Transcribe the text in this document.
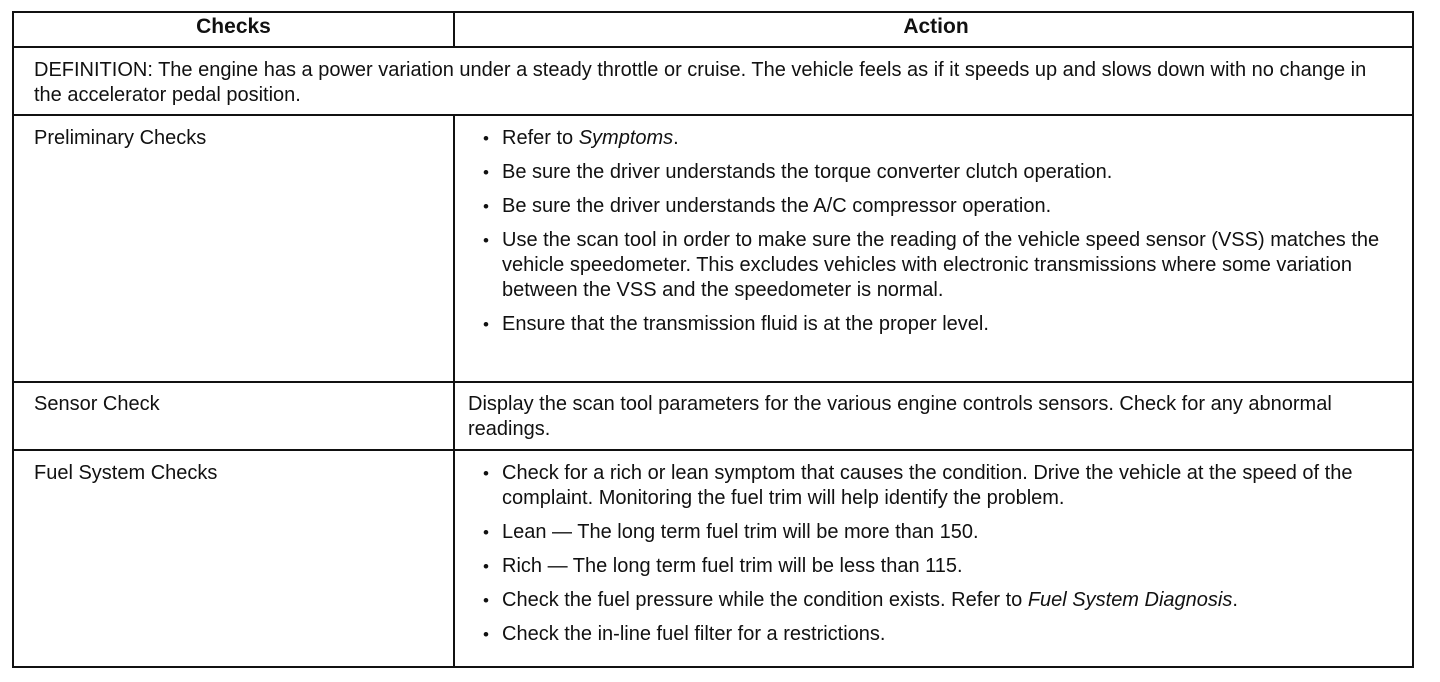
Checks	Action
DEFINITION: The engine has a power variation under a steady throttle or cruise. The vehicle feels as if it speeds up and slows down with no change in the accelerator pedal position.
Preliminary Checks	• Refer to Symptoms.
• Be sure the driver understands the torque converter clutch operation.
• Be sure the driver understands the A/C compressor operation.
• Use the scan tool in order to make sure the reading of the vehicle speed sensor (VSS) matches the vehicle speedometer. This excludes vehicles with electronic transmissions where some variation between the VSS and the speedometer is normal.
• Ensure that the transmission fluid is at the proper level.
Sensor Check	Display the scan tool parameters for the various engine controls sensors. Check for any abnormal readings.
Fuel System Checks	• Check for a rich or lean symptom that causes the condition. Drive the vehicle at the speed of the complaint. Monitoring the fuel trim will help identify the problem.
• Lean — The long term fuel trim will be more than 150.
• Rich — The long term fuel trim will be less than 115.
• Check the fuel pressure while the condition exists. Refer to Fuel System Diagnosis.
• Check the in-line fuel filter for a restrictions.
